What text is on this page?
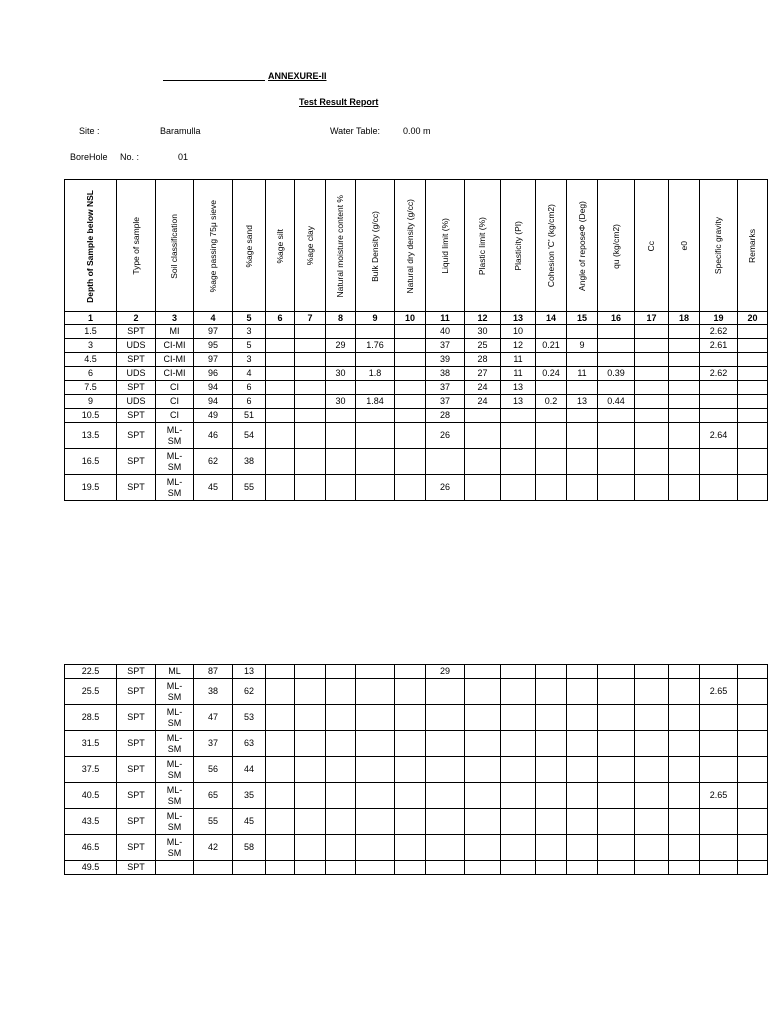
ANNEXURE-II
Test Result Report
Site :	Baramulla	Water Table:	0.00 m
BoreHole No. :	01
Depth of Sample below NSL	Type of sample	Soil classification	%age passing 75μ sieve	%age sand	%age silt	%age clay	Natural moisture content %	Bulk Density (g/cc)	Natural dry density (g/cc)	Liquid limit (%)	Plastic limit (%)	Plasticity (PI)	Cohesion 'C' (kg/cm2)	Angle of reposeΦ (Deg)	qu (kg/cm2)	Cc	e0	Specific gravity	Remarks
1	2	3	4	5	6	7	8	9	10	11	12	13	14	15	16	17	18	19	20
1.5	SPT	MI	97	3						40	30	10						2.62	
3	UDS	CI-MI	95	5			29	1.76		37	25	12	0.21	9				2.61	
4.5	SPT	CI-MI	97	3						39	28	11							
6	UDS	CI-MI	96	4			30	1.8		38	27	11	0.24	11	0.39			2.62	
7.5	SPT	CI	94	6						37	24	13							
9	UDS	CI	94	6			30	1.84		37	24	13	0.2	13	0.44				
10.5	SPT	CI	49	51						28									
13.5	SPT	ML-SM	46	54						26								2.64	
16.5	SPT	ML-SM	62	38															
19.5	SPT	ML-SM	45	55						26									
22.5	SPT	ML	87	13						29									
25.5	SPT	ML-SM	38	62														2.65	
28.5	SPT	ML-SM	47	53															
31.5	SPT	ML-SM	37	63															
37.5	SPT	ML-SM	56	44															
40.5	SPT	ML-SM	65	35														2.65	
43.5	SPT	ML-SM	55	45															
46.5	SPT	ML-SM	42	58															
49.5	SPT																		
